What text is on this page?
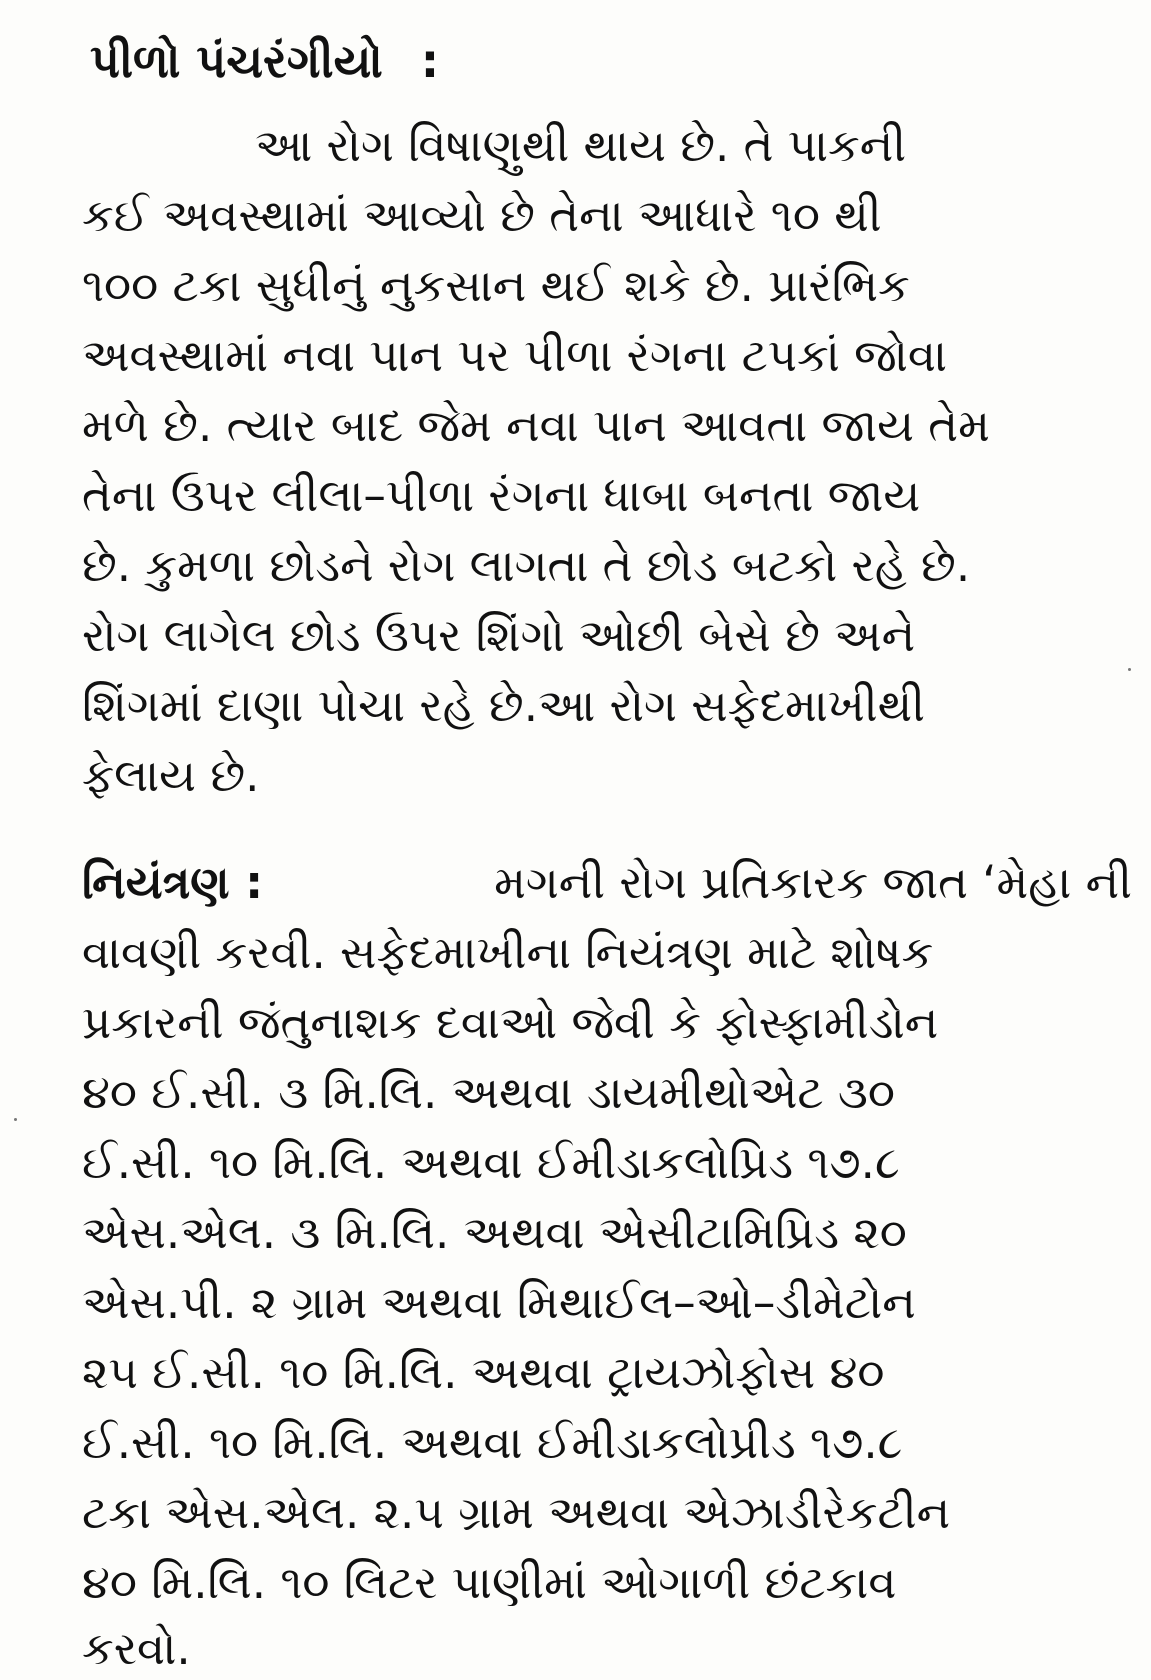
પીળો પંચરંગીયો :
આ રોગ વિષાણુથી થાય છે. તે પાકની
કઈ અવસ્થામાં આવ્યો છે તેના આધારે ૧૦ થી
૧૦૦ ટકા સુધીનું નુકસાન થઈ શકે છે. પ્રારંભિક
અવસ્થામાં નવા પાન પર પીળા રંગના ટપકાં જોવા
મળે છે. ત્યાર બાદ જેમ નવા પાન આવતા જાય તેમ
તેના ઉપર લીલા–પીળા રંગના ધાબા બનતા જાય
છે. કુમળા છોડને રોગ લાગતા તે છોડ બટકો રહે છે.
રોગ લાગેલ છોડ ઉપર શિંગો ઓછી બેસે છે અને
શિંગમાં દાણા પોચા રહે છે.આ રોગ સફેદમાખીથી
ફેલાય છે.
નિયંત્રણ :	મગની રોગ પ્રતિકારક જાત ‘મેહા ની
વાવણી કરવી. સફેદમાખીના નિયંત્રણ માટે શોષક
પ્રકારની જંતુનાશક દવાઓ જેવી કે ફોસ્ફામીડોન
૪૦ ઈ.સી. ૩ મિ.લિ. અથવા ડાયમીથોએટ ૩૦
ઈ.સી. ૧૦ મિ.લિ. અથવા ઈમીડાકલોપ્રિડ ૧૭.૮
એસ.એલ. ૩ મિ.લિ. અથવા એસીટામિપ્રિડ ૨૦
એસ.પી. ૨ ગ્રામ અથવા મિથાઈલ–ઓ–ડીમેટોન
૨૫ ઈ.સી. ૧૦ મિ.લિ. અથવા ટ્રાયઝોફોસ ૪૦
ઈ.સી. ૧૦ મિ.લિ. અથવા ઈમીડાકલોપ્રીડ ૧૭.૮
ટકા એસ.એલ. ૨.૫ ગ્રામ અથવા એઝાડીરેકટીન
૪૦ મિ.લિ. ૧૦ લિટર પાણીમાં ઓગાળી છંટકાવ
કરવો.
